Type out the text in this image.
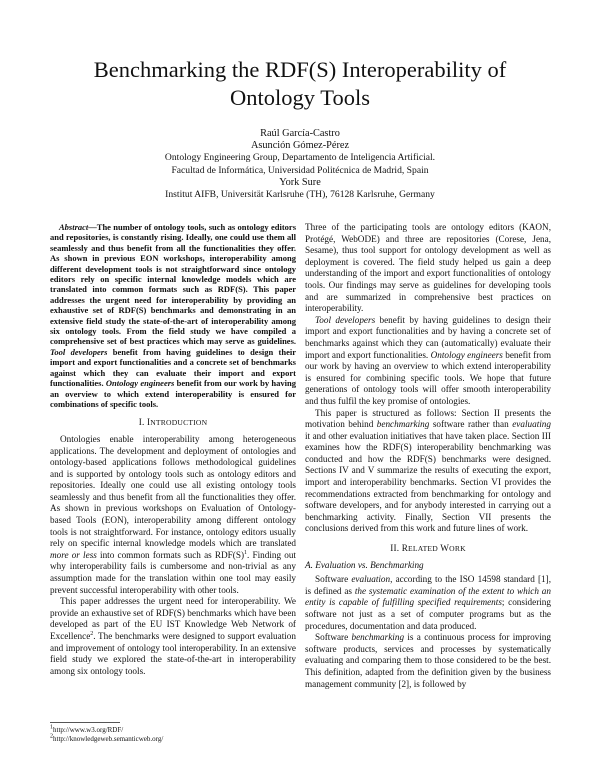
Benchmarking the RDF(S) Interoperability of
Ontology Tools
Raúl García-Castro
Asunción Gómez-Pérez
Ontology Engineering Group, Departamento de Inteligencia Artificial.
Facultad de Informática, Universidad Politécnica de Madrid, Spain
York Sure
Institut AIFB, Universität Karlsruhe (TH), 76128 Karlsruhe, Germany

Abstract—The number of ontology tools, such as ontology editors and repositories, is constantly rising. Ideally, one could use them all seamlessly and thus benefit from all the functionalities they offer. As shown in previous EON workshops, interoperability among different development tools is not straightforward since ontology editors rely on specific internal knowledge models which are translated into common formats such as RDF(S). This paper addresses the urgent need for interoperability by providing an exhaustive set of RDF(S) benchmarks and demonstrating in an extensive field study the state-of-the-art of interoperability among six ontology tools. From the field study we have compiled a comprehensive set of best practices which may serve as guidelines. Tool developers benefit from having guidelines to design their import and export functionalities and a concrete set of benchmarks against which they can evaluate their import and export functionalities. Ontology engineers benefit from our work by having an overview to which extend interoperability is ensured for combinations of specific tools.

I. INTRODUCTION

Ontologies enable interoperability among heterogeneous applications. The development and deployment of ontologies and ontology-based applications follows methodological guidelines and is supported by ontology tools such as ontology editors and repositories. Ideally one could use all existing ontology tools seamlessly and thus benefit from all the functionalities they offer. As shown in previous workshops on Evaluation of Ontology-based Tools (EON), interoperability among different ontology tools is not straightforward. For instance, ontology editors usually rely on specific internal knowledge models which are translated more or less into common formats such as $RDF(S)^1$. Finding out why interoperability fails is cumbersome and non-trivial as any assumption made for the translation within one tool may easily prevent successful interoperability with other tools.

This paper addresses the urgent need for interoperability. We provide an exhaustive set of RDF(S) benchmarks which have been developed as part of the EU IST Knowledge Web Network of Excellence$^2$. The benchmarks were designed to support evaluation and improvement of ontology tool interoperability. In an extensive field study we explored the state-of-the-art in interoperability among six ontology tools.

$^1$http://www.w3.org/RDF/
$^2$http://knowledgeweb.semanticweb.org/

Three of the participating tools are ontology editors (KAON, Protégé, WebODE) and three are repositories (Corese, Jena, Sesame), thus tool support for ontology development as well as deployment is covered. The field study helped us gain a deep understanding of the import and export functionalities of ontology tools. Our findings may serve as guidelines for developing tools and are summarized in comprehensive best practices on interoperability.

Tool developers benefit by having guidelines to design their import and export functionalities and by having a concrete set of benchmarks against which they can (automatically) evaluate their import and export functionalities. Ontology engineers benefit from our work by having an overview to which extend interoperability is ensured for combining specific tools. We hope that future generations of ontology tools will offer smooth interoperability and thus fulfil the key promise of ontologies.

This paper is structured as follows: Section II presents the motivation behind benchmarking software rather than evaluating it and other evaluation initiatives that have taken place. Section III examines how the RDF(S) interoperability benchmarking was conducted and how the RDF(S) benchmarks were designed. Sections IV and V summarize the results of executing the export, import and interoperability benchmarks. Section VI provides the recommendations extracted from benchmarking for ontology and software developers, and for anybody interested in carrying out a benchmarking activity. Finally, Section VII presents the conclusions derived from this work and future lines of work.

II. RELATED WORK
A. Evaluation vs. Benchmarking

Software evaluation, according to the ISO 14598 standard [1], is defined as the systematic examination of the extent to which an entity is capable of fulfilling specified requirements; considering software not just as a set of computer programs but as the procedures, documentation and data produced.

Software benchmarking is a continuous process for improving software products, services and processes by systematically evaluating and comparing them to those considered to be the best. This definition, adapted from the definition given by the business management community [2], is followed by
